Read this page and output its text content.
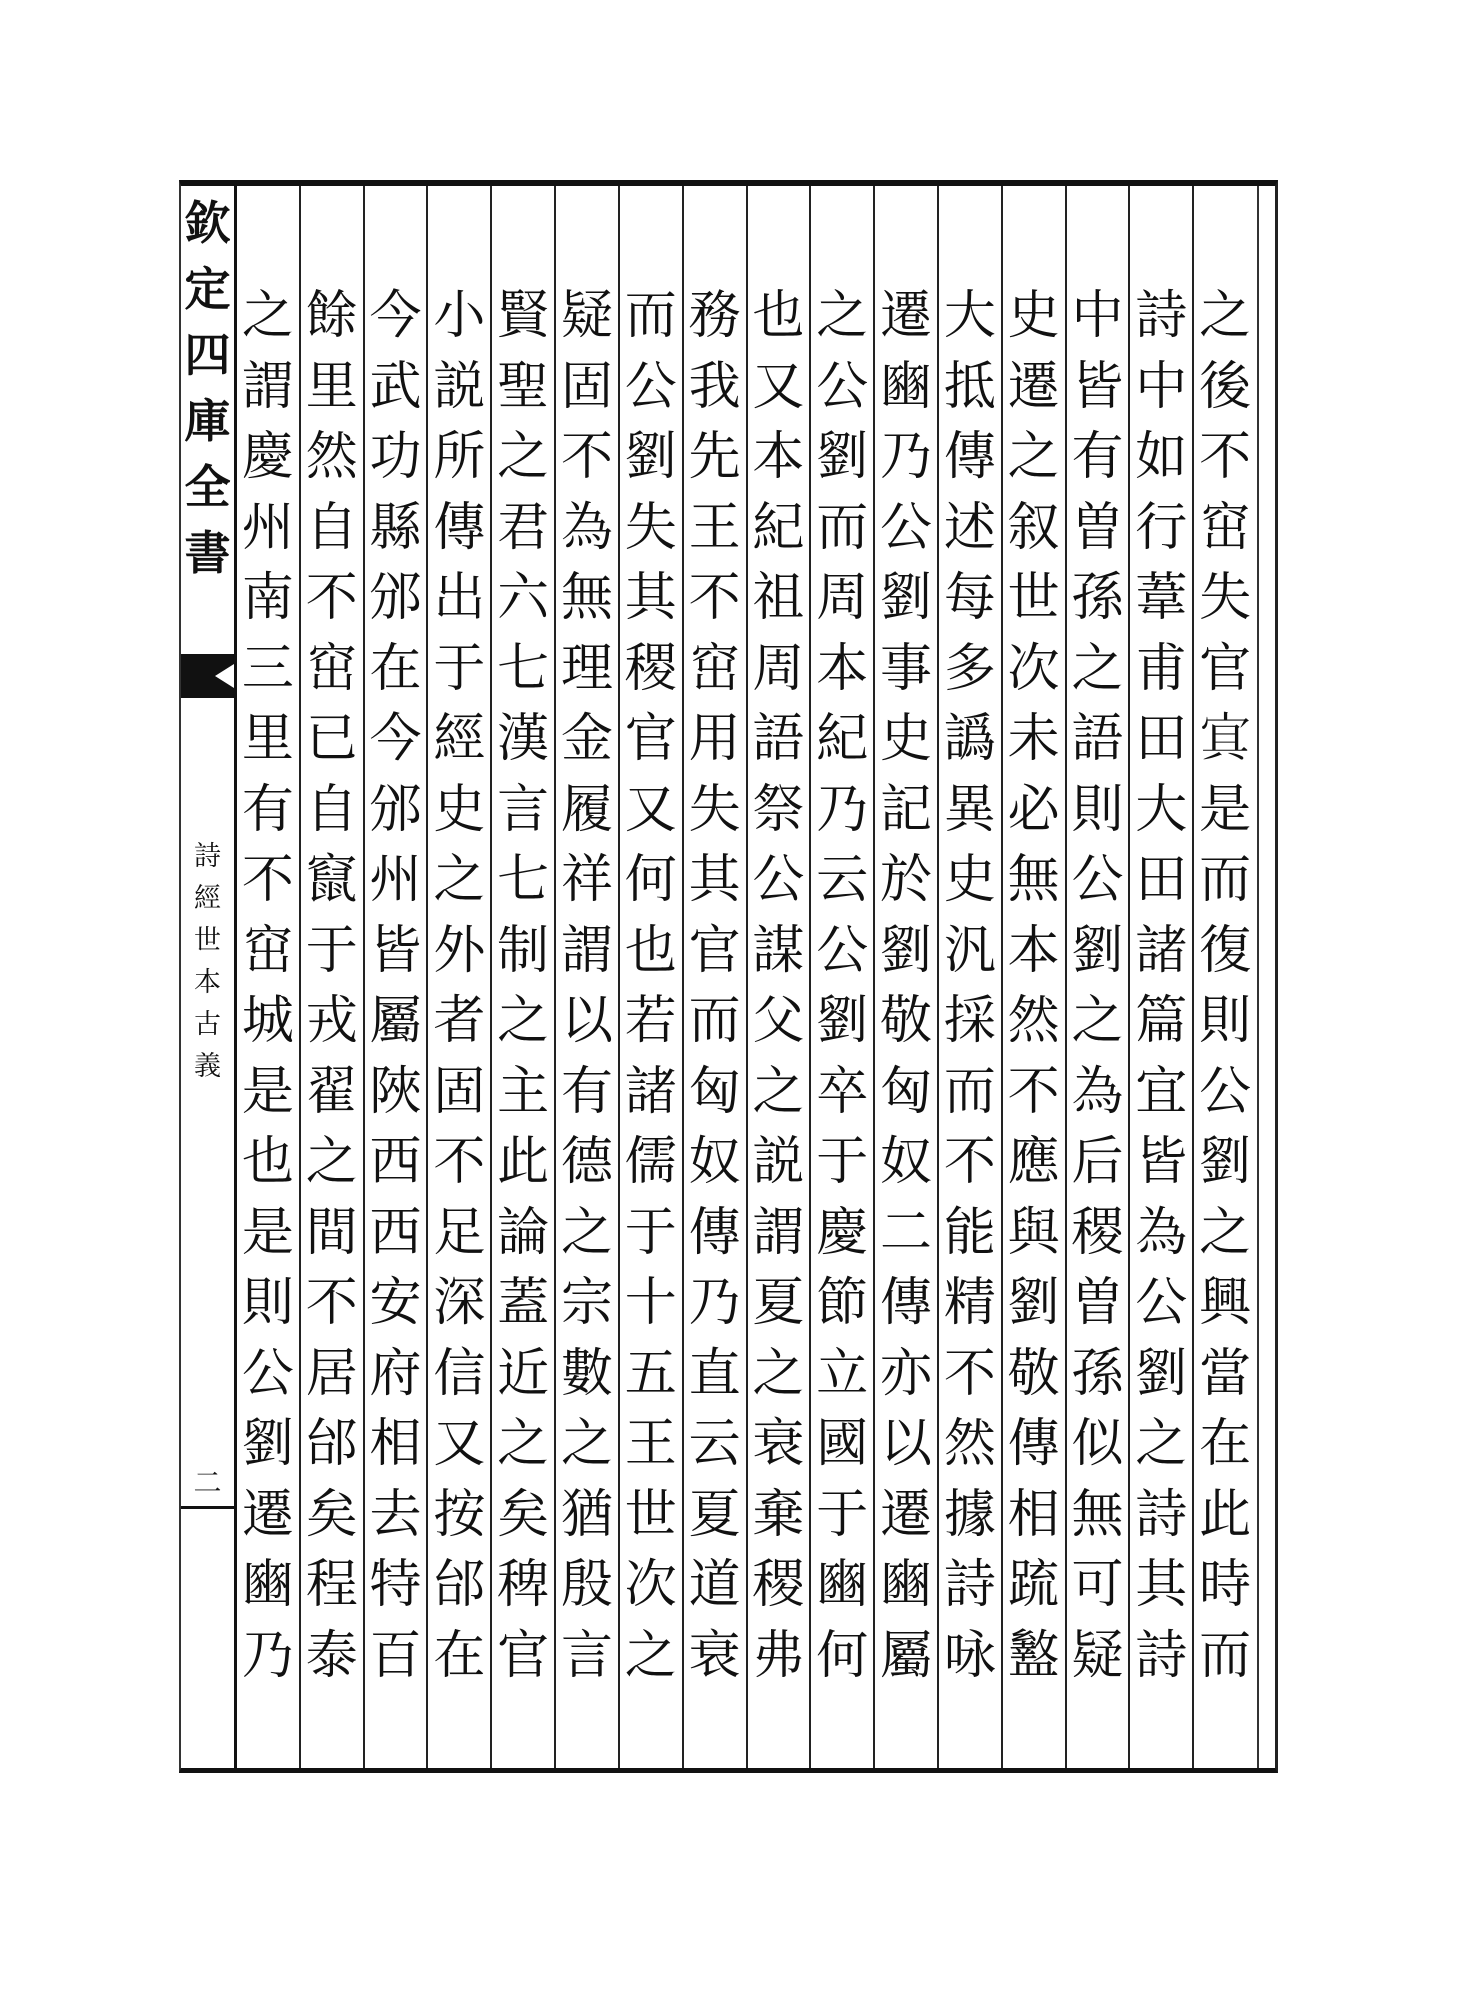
欽
定
四
庫
全
書
詩
經
世
本
古
義
二
之
後
不
窋
失
官
𡨋
是
而
復
則
公
劉
之
興
當
在
此
時
而
詩
中
如
行
葦
甫
田
大
田
諸
篇
宜
皆
為
公
劉
之
詩
其
詩
中
皆
有
曽
孫
之
語
則
公
劉
之
為
后
稷
曽
孫
似
無
可
疑
史
遷
之
叙
世
次
未
必
無
本
然
不
應
與
劉
敬
傳
相
䟽
盭
大
抵
傳
述
每
多
譌
異
史
汎
採
而
不
能
精
不
然
據
詩
咏
遷
豳
乃
公
劉
事
史
記
於
劉
敬
匈
奴
二
傳
亦
以
遷
豳
屬
之
公
劉
而
周
本
紀
乃
云
公
劉
卒
于
慶
節
立
國
于
豳
何
也
又
本
紀
祖
周
語
祭
公
謀
父
之
説
謂
夏
之
衰
棄
稷
弗
務
我
先
王
不
窋
用
失
其
官
而
匈
奴
傳
乃
直
云
夏
道
衰
而
公
劉
失
其
稷
官
又
何
也
若
諸
儒
于
十
五
王
世
次
之
疑
固
不
為
無
理
金
履
祥
謂
以
有
德
之
宗
數
之
猶
殷
言
賢
聖
之
君
六
七
漢
言
七
制
之
主
此
論
蓋
近
之
矣
稗
官
小
説
所
傳
出
于
經
史
之
外
者
固
不
足
深
信
又
按
邰
在
今
武
功
縣
邠
在
今
邠
州
皆
屬
陜
西
西
安
府
相
去
特
百
餘
里
然
自
不
窋
已
自
竄
于
戎
翟
之
間
不
居
邰
矣
程
泰
之
謂
慶
州
南
三
里
有
不
窋
城
是
也
是
則
公
劉
遷
豳
乃
